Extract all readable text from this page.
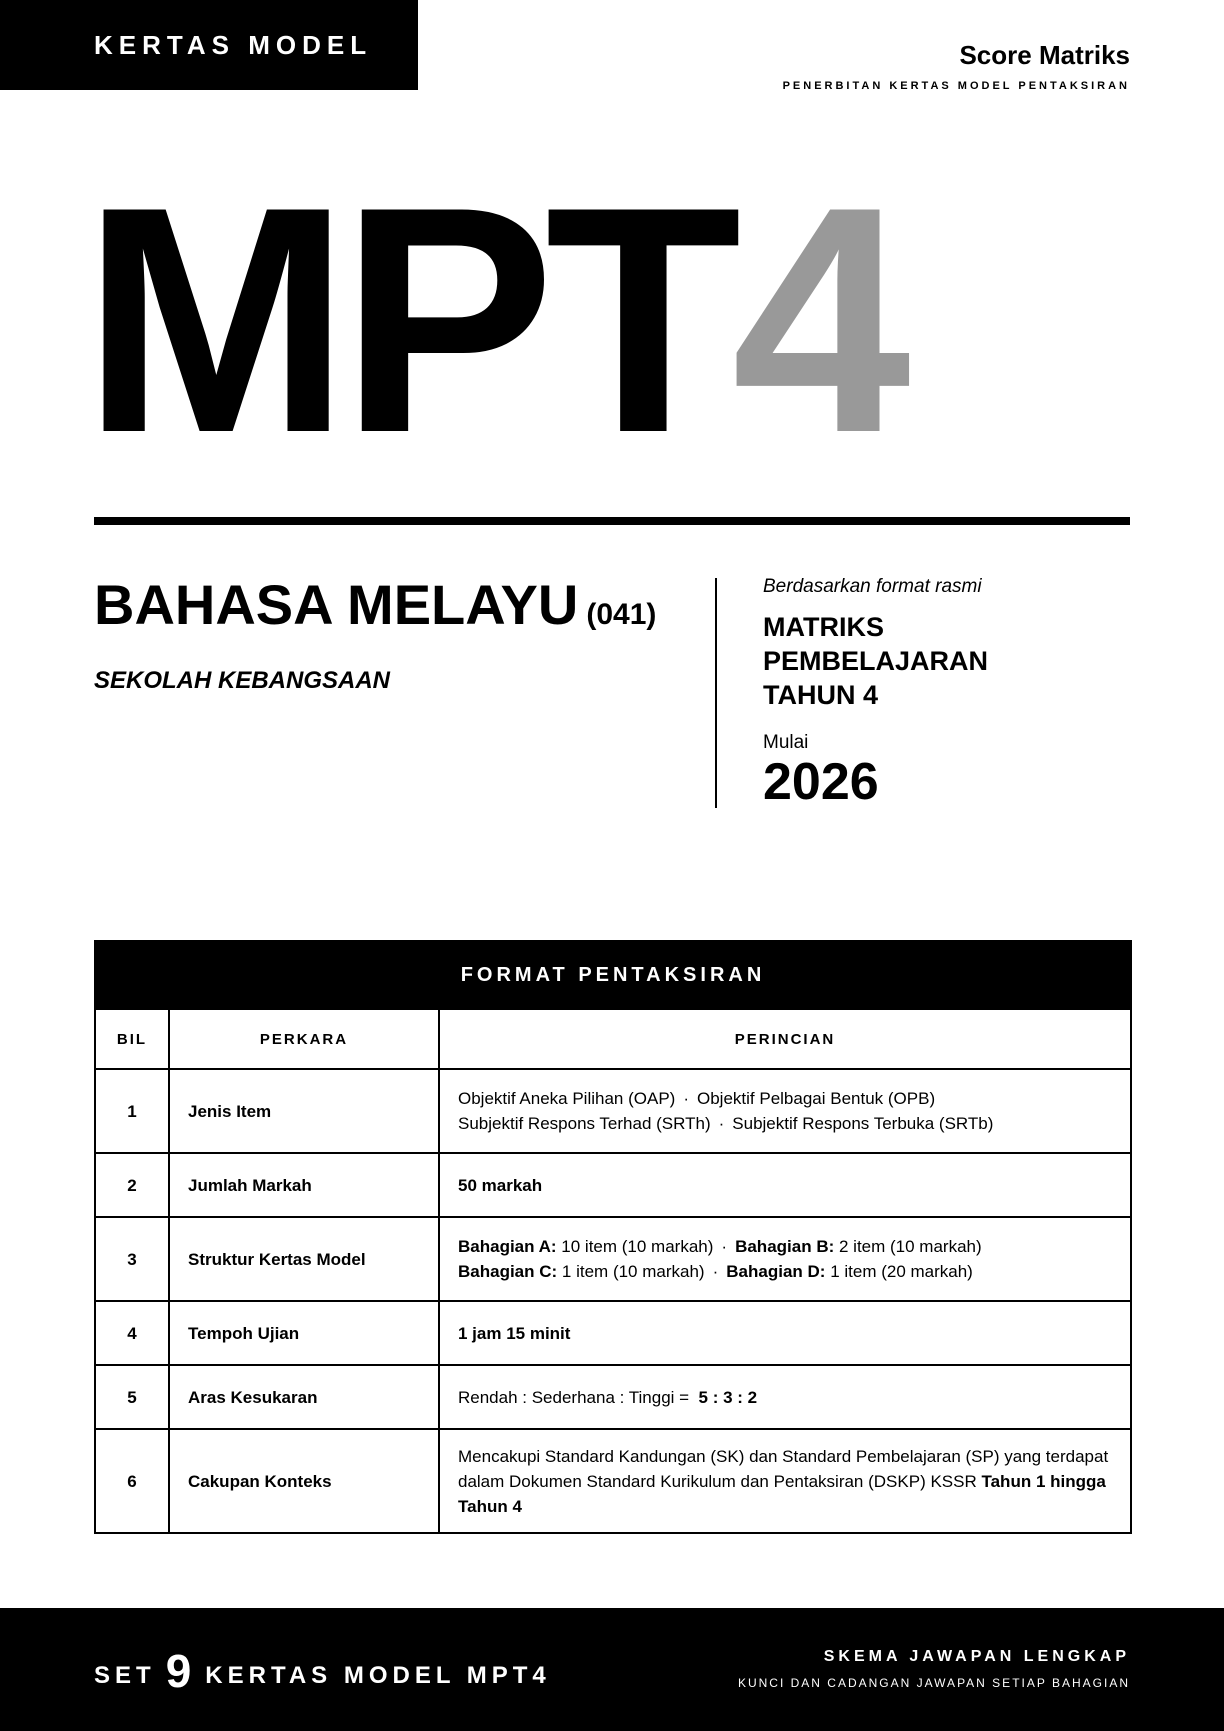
KERTAS MODEL	Score Matriks
PENERBITAN KERTAS MODEL PENTAKSIRAN
MPT4
BAHASA MELAYU (041)
SEKOLAH KEBANGSAAN
Berdasarkan format rasmi
MATRIKS
PEMBELAJARAN
TAHUN 4
Mulai
2026
FORMAT PENTAKSIRAN		
BIL	PERKARA	PERINCIAN
1	Jenis Item	Objektif Aneka Pilihan (OAP) · Objektif Pelbagai Bentuk (OPB)
Subjektif Respons Terhad (SRTh) · Subjektif Respons Terbuka (SRTb)

2	Jumlah Markah	50 markah
3	Struktur Kertas Model	Bahagian A: 10 item (10 markah) · Bahagian B: 2 item (10 markah)
Bahagian C: 1 item (10 markah) · Bahagian D: 1 item (20 markah)

4	Tempoh Ujian	1 jam 15 minit
5	Aras Kesukaran	Rendah : Sederhana : Tinggi = 5 : 3 : 2
6	Cakupan Konteks	Mencakupi Standard Kandungan (SK) dan Standard Pembelajaran (SP) yang terdapat dalam Dokumen Standard Kurikulum dan Pentaksiran (DSKP) KSSR Tahun 1 hingga Tahun 4
SET 9 KERTAS MODEL MPT4
SKEMA JAWAPAN LENGKAP
KUNCI DAN CADANGAN JAWAPAN SETIAP BAHAGIAN
